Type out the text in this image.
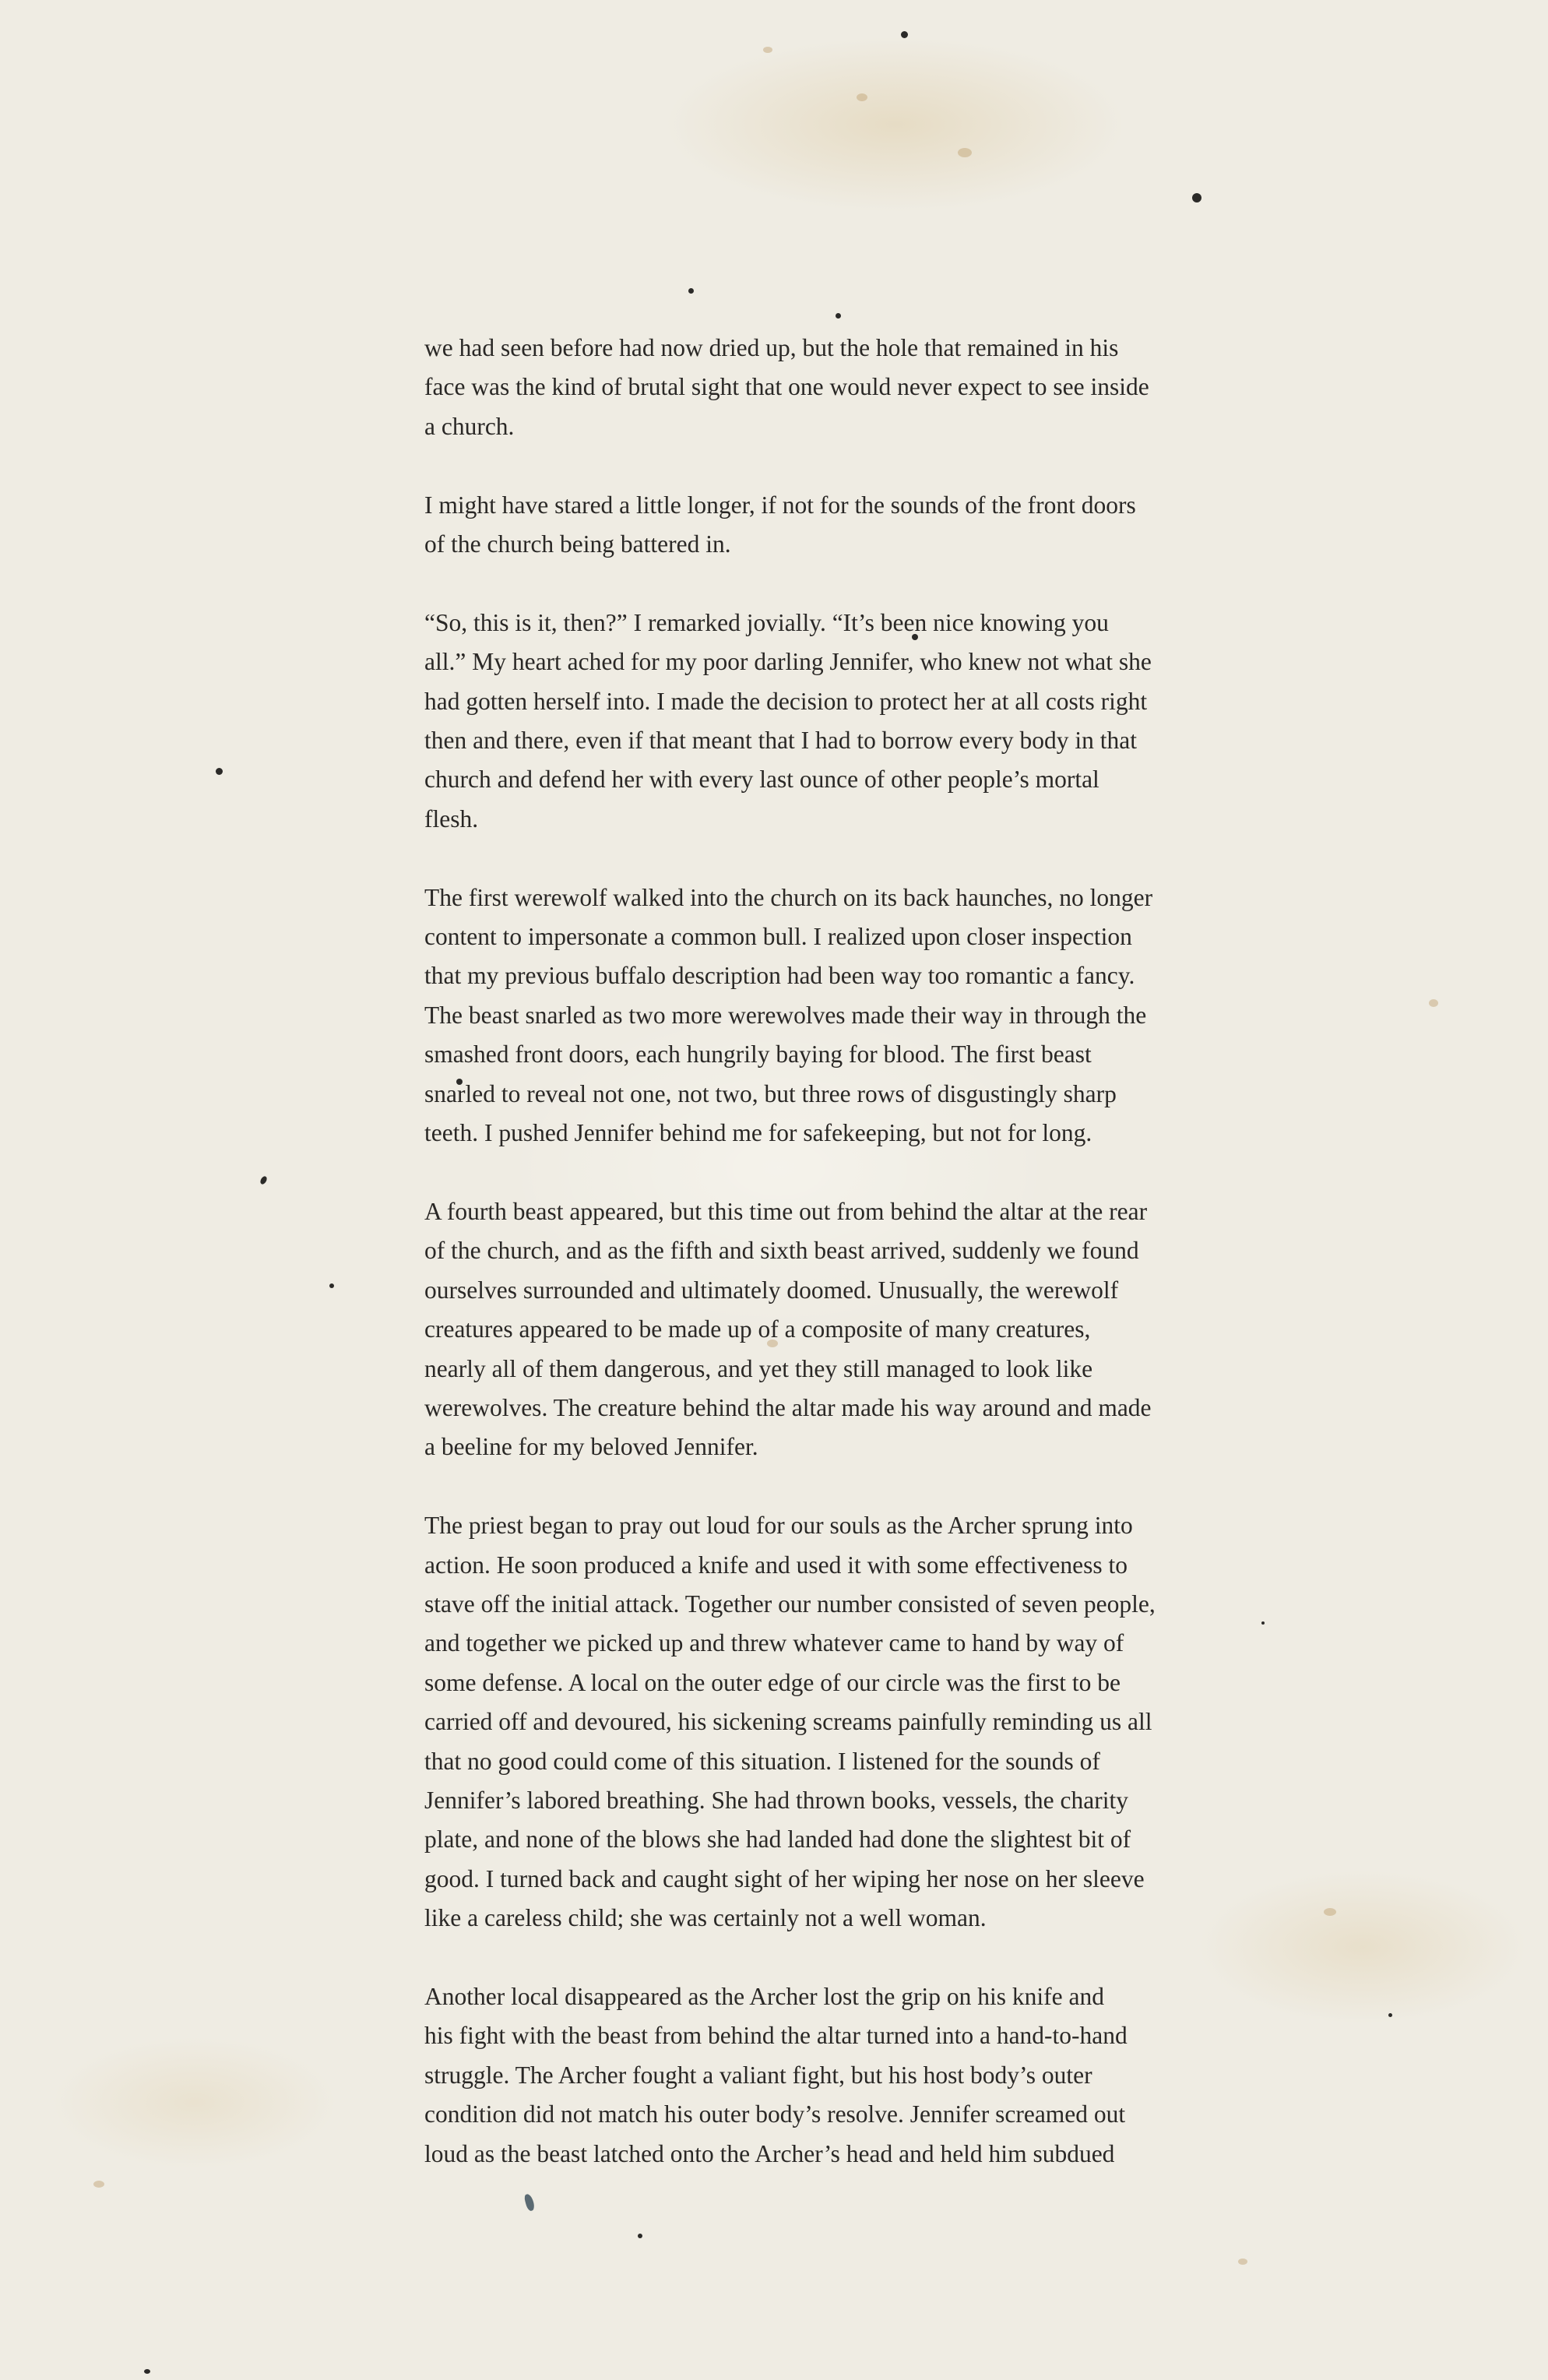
we had seen before had now dried up, but the hole that remained in his
face was the kind of brutal sight that one would never expect to see inside
a church.

I might have stared a little longer, if not for the sounds of the front doors
of the church being battered in.

“So, this is it, then?” I remarked jovially. “It’s been nice knowing you
all.” My heart ached for my poor darling Jennifer, who knew not what she
had gotten herself into. I made the decision to protect her at all costs right
then and there, even if that meant that I had to borrow every body in that
church and defend her with every last ounce of other people’s mortal
flesh.

The first werewolf walked into the church on its back haunches, no longer
content to impersonate a common bull. I realized upon closer inspection
that my previous buffalo description had been way too romantic a fancy.
The beast snarled as two more werewolves made their way in through the
smashed front doors, each hungrily baying for blood. The first beast
snarled to reveal not one, not two, but three rows of disgustingly sharp
teeth. I pushed Jennifer behind me for safekeeping, but not for long.

A fourth beast appeared, but this time out from behind the altar at the rear
of the church, and as the fifth and sixth beast arrived, suddenly we found
ourselves surrounded and ultimately doomed. Unusually, the werewolf
creatures appeared to be made up of a composite of many creatures,
nearly all of them dangerous, and yet they still managed to look like
werewolves. The creature behind the altar made his way around and made
a beeline for my beloved Jennifer.

The priest began to pray out loud for our souls as the Archer sprung into
action. He soon produced a knife and used it with some effectiveness to
stave off the initial attack. Together our number consisted of seven people,
and together we picked up and threw whatever came to hand by way of
some defense. A local on the outer edge of our circle was the first to be
carried off and devoured, his sickening screams painfully reminding us all
that no good could come of this situation. I listened for the sounds of
Jennifer’s labored breathing. She had thrown books, vessels, the charity
plate, and none of the blows she had landed had done the slightest bit of
good. I turned back and caught sight of her wiping her nose on her sleeve
like a careless child; she was certainly not a well woman.

Another local disappeared as the Archer lost the grip on his knife and
his fight with the beast from behind the altar turned into a hand-to-hand
struggle. The Archer fought a valiant fight, but his host body’s outer
condition did not match his outer body’s resolve. Jennifer screamed out
loud as the beast latched onto the Archer’s head and held him subdued
